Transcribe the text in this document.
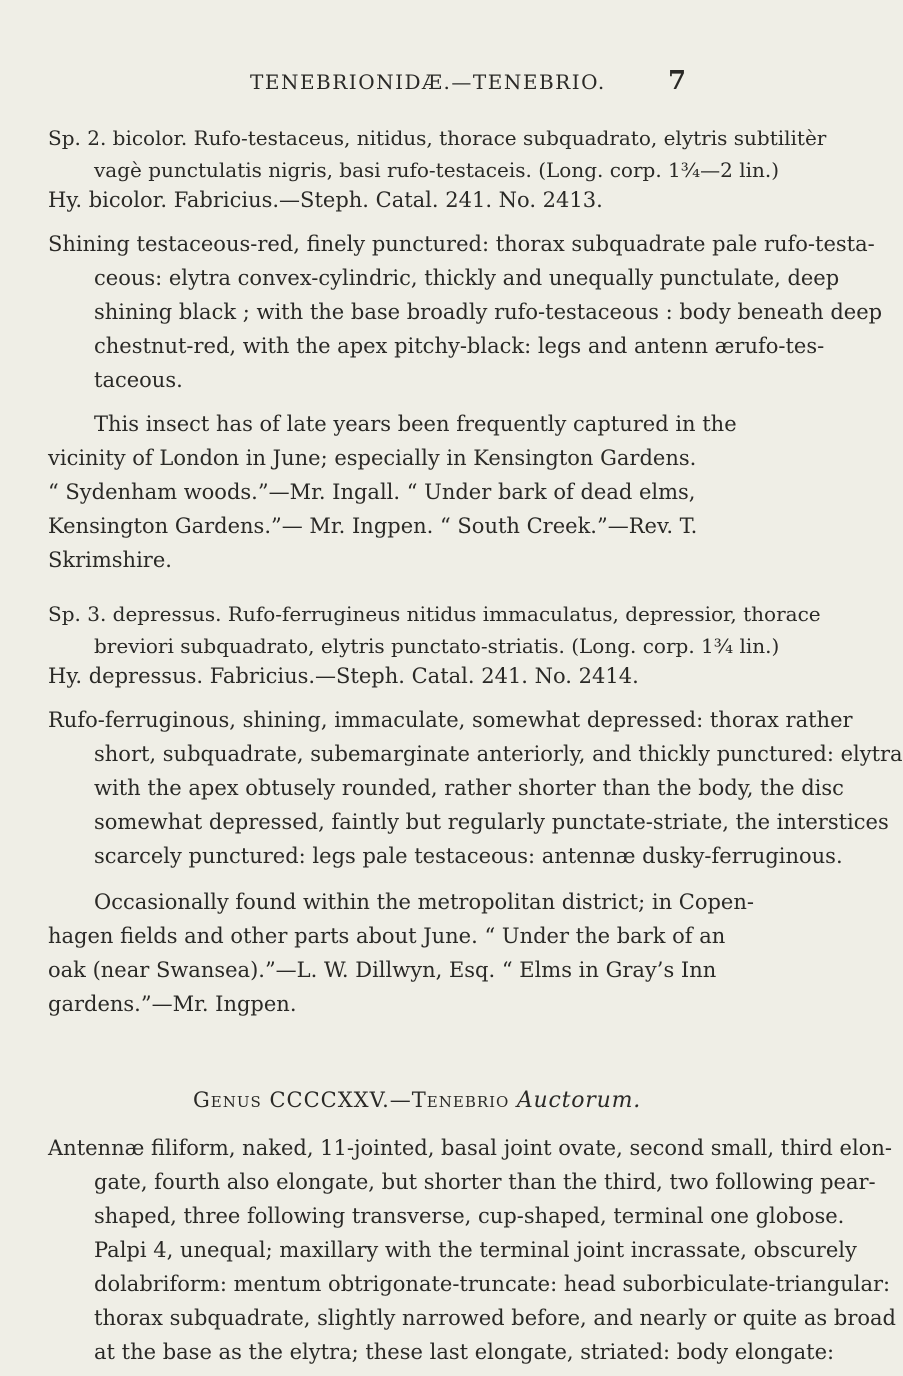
TENEBRIONIDÆ.—TENEBRIO. 7
Sp. 2. bicolor. Rufo-testaceus, nitidus, thorace subquadrato, elytris subtilitèr
vagè punctulatis nigris, basi rufo-testaceis. (Long. corp. 1¾—2 lin.)
Hy. bicolor. Fabricius.—Steph. Catal. 241. No. 2413.
Shining testaceous-red, finely punctured: thorax subquadrate pale rufo-testa-
ceous: elytra convex-cylindric, thickly and unequally punctulate, deep
shining black ; with the base broadly rufo-testaceous : body beneath deep
chestnut-red, with the apex pitchy-black: legs and antenn ærufo-tes-
taceous.
This insect has of late years been frequently captured in the
vicinity of London in June; especially in Kensington Gardens.
“ Sydenham woods.”—Mr. Ingall. “ Under bark of dead elms,
Kensington Gardens.”— Mr. Ingpen. “ South Creek.”—Rev. T.
Skrimshire.
Sp. 3. depressus. Rufo-ferrugineus nitidus immaculatus, depressior, thorace
breviori subquadrato, elytris punctato-striatis. (Long. corp. 1¾ lin.)
Hy. depressus. Fabricius.—Steph. Catal. 241. No. 2414.
Rufo-ferruginous, shining, immaculate, somewhat depressed: thorax rather
short, subquadrate, subemarginate anteriorly, and thickly punctured: elytra
with the apex obtusely rounded, rather shorter than the body, the disc
somewhat depressed, faintly but regularly punctate-striate, the interstices
scarcely punctured: legs pale testaceous: antennæ dusky-ferruginous.
Occasionally found within the metropolitan district; in Copen-
hagen fields and other parts about June. “ Under the bark of an
oak (near Swansea).”—L. W. Dillwyn, Esq. “ Elms in Gray’s Inn
gardens.”—Mr. Ingpen.
Genus CCCCXXV.—Tenebrio Auctorum.
Antennæ filiform, naked, 11-jointed, basal joint ovate, second small, third elon-
gate, fourth also elongate, but shorter than the third, two following pear-
shaped, three following transverse, cup-shaped, terminal one globose.
Palpi 4, unequal; maxillary with the terminal joint incrassate, obscurely
dolabriform: mentum obtrigonate-truncate: head suborbiculate-triangular:
thorax subquadrate, slightly narrowed before, and nearly or quite as broad
at the base as the elytra; these last elongate, striated: body elongate:
